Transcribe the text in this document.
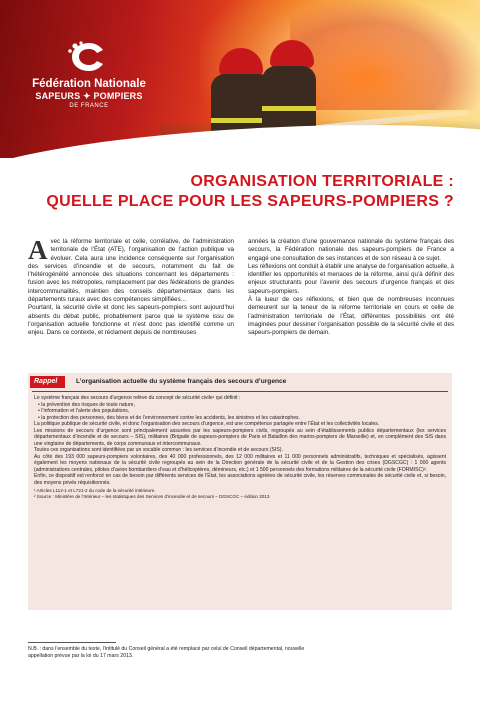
Fédération Nationale
SAPEURS ✦ POMPIERS
DE FRANCE
ORGANISATION TERRITORIALE :
QUELLE PLACE POUR LES SAPEURS-POMPIERS ?
A vec la réforme territoriale et celle, corrélative, de l’administration territoriale de l’État (ATE), l’organisation de l’action publique va évoluer. Cela aura une incidence conséquente sur l’organisation des services d’incendie et de secours, notamment du fait de l’hétérogénéité annoncée des situations concernant les départements : fusion avec les métropoles, remplacement par des fédérations de grandes intercommunalités, maintien des conseils départementaux dans les départements ruraux avec des compétences simplifiées…

Pourtant, la sécurité civile et donc les sapeurs-pompiers sont aujourd’hui absents du débat public, probablement parce que le système issu de l’organisation actuelle fonctionne et n’est donc pas identifié comme un enjeu. Dans ce contexte, et réclament depuis de nombreuses

années la création d’une gouvernance nationale du système français des secours, la Fédération nationale des sapeurs-pompiers de France a engagé une consultation de ses instances et de son réseau à ce sujet.

Les réflexions ont conduit à établir une analyse de l’organisation actuelle, à identifier les opportunités et menaces de la réforme, ainsi qu’à définir des enjeux structurants pour l’avenir des secours d’urgence français et des sapeurs-pompiers.

À la lueur de ces réflexions, et bien que de nombreuses inconnues demeurent sur la teneur de la réforme territoriale en cours et celle de l’administration territoriale de l’État, différentes possibilités ont été imaginées pour dessiner l’organisation possible de la sécurité civile et des sapeurs-pompiers de demain.

Rappel	L’organisation actuelle du système français des secours d’urgence

Le système français des secours d’urgence relève du concept de sécurité civile¹ qui définit :

• la prévention des risques de toute nature,

• l’information et l’alerte des populations,

• la protection des personnes, des biens et de l’environnement contre les accidents, les sinistres et les catastrophes.

La politique publique de sécurité civile, et donc l’organisation des secours d’urgence, est une compétence partagée entre l’État et les collectivités locales.

Les missions de secours d’urgence sont principalement assurées par les sapeurs-pompiers civils, regroupés au sein d’établissements publics départementaux (les services départementaux d’incendie et de secours – SIS), militaires (Brigade de sapeurs-pompiers de Paris et Bataillon des marins-pompiers de Marseille) et, en complément des SIS dans une vingtaine de départements, de corps communaux et intercommunaux.

Toutes ces organisations sont identifiées par un vocable commun : les services d’incendie et de secours (SIS).

Au côté des 193 000 sapeurs-pompiers volontaires, des 40 000 professionnels, des 12 000 militaires et 11 000 personnels administratifs, techniques et spécialisés, agissent également les moyens nationaux de la sécurité civile regroupés au sein de la Direction générale de la sécurité civile et de la Gestion des crises (DGSCGC) : 1 000 agents (administrations centrales, pilotes d’avion bombardiers d’eau et d’hélicoptères, démineurs, etc.) et 1 500 personnels des formations militaires de la sécurité civile (FORMISC)².

Enfin, ce dispositif est renforcé en cas de besoin par différents services de l’État, les associations agréées de sécurité civile, les réserves communales de sécurité civile et, si besoin, des moyens privés réquisitionnés.

¹ Articles L112-1 et L721-2 du code de la sécurité intérieure.

² Source : Ministère de l’Intérieur – les statistiques des Services d’incendie et de secours – DGSCGC – édition 2013

N.B. : dans l’ensemble du texte, l’intitulé du Conseil général a été remplacé par celui de Conseil départemental, nouvelle appellation prévue par la loi du 17 mars 2013.
